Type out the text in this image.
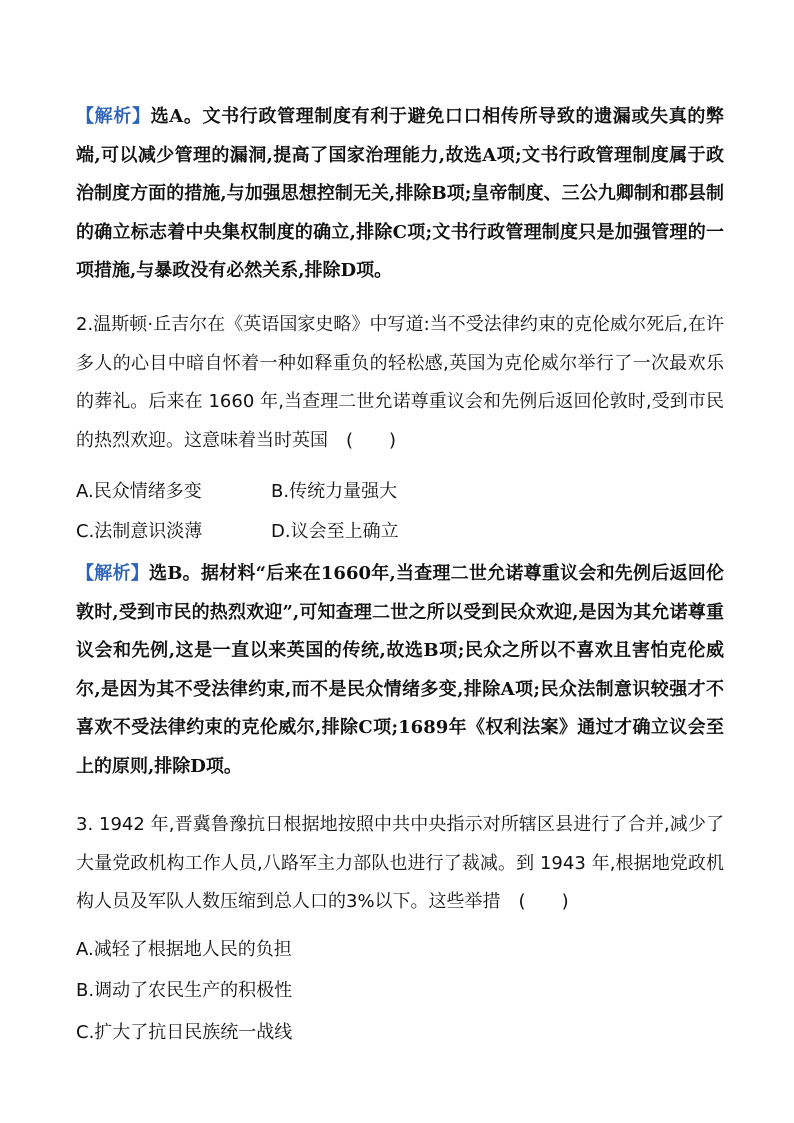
【解析】选A。文书行政管理制度有利于避免口口相传所导致的遗漏或失真的弊端,可以减少管理的漏洞,提高了国家治理能力,故选A项;文书行政管理制度属于政治制度方面的措施,与加强思想控制无关,排除B项;皇帝制度、三公九卿制和郡县制的确立标志着中央集权制度的确立,排除C项;文书行政管理制度只是加强管理的一项措施,与暴政没有必然关系,排除D项。
2.温斯顿·丘吉尔在《英语国家史略》中写道:当不受法律约束的克伦威尔死后,在许多人的心目中暗自怀着一种如释重负的轻松感,英国为克伦威尔举行了一次最欢乐的葬礼。后来在 1660 年,当查理二世允诺尊重议会和先例后返回伦敦时,受到市民的热烈欢迎。这意味着当时英国　(　　)
A.民众情绪多变	B.传统力量强大
C.法制意识淡薄	D.议会至上确立
【解析】选B。据材料“后来在1660年,当查理二世允诺尊重议会和先例后返回伦敦时,受到市民的热烈欢迎”,可知查理二世之所以受到民众欢迎,是因为其允诺尊重议会和先例,这是一直以来英国的传统,故选B项;民众之所以不喜欢且害怕克伦威尔,是因为其不受法律约束,而不是民众情绪多变,排除A项;民众法制意识较强才不喜欢不受法律约束的克伦威尔,排除C项;1689年《权利法案》通过才确立议会至上的原则,排除D项。
3. 1942 年,晋冀鲁豫抗日根据地按照中共中央指示对所辖区县进行了合并,减少了大量党政机构工作人员,八路军主力部队也进行了裁减。到 1943 年,根据地党政机构人员及军队人数压缩到总人口的3%以下。这些举措　(　　)
A.减轻了根据地人民的负担
B.调动了农民生产的积极性
C.扩大了抗日民族统一战线
